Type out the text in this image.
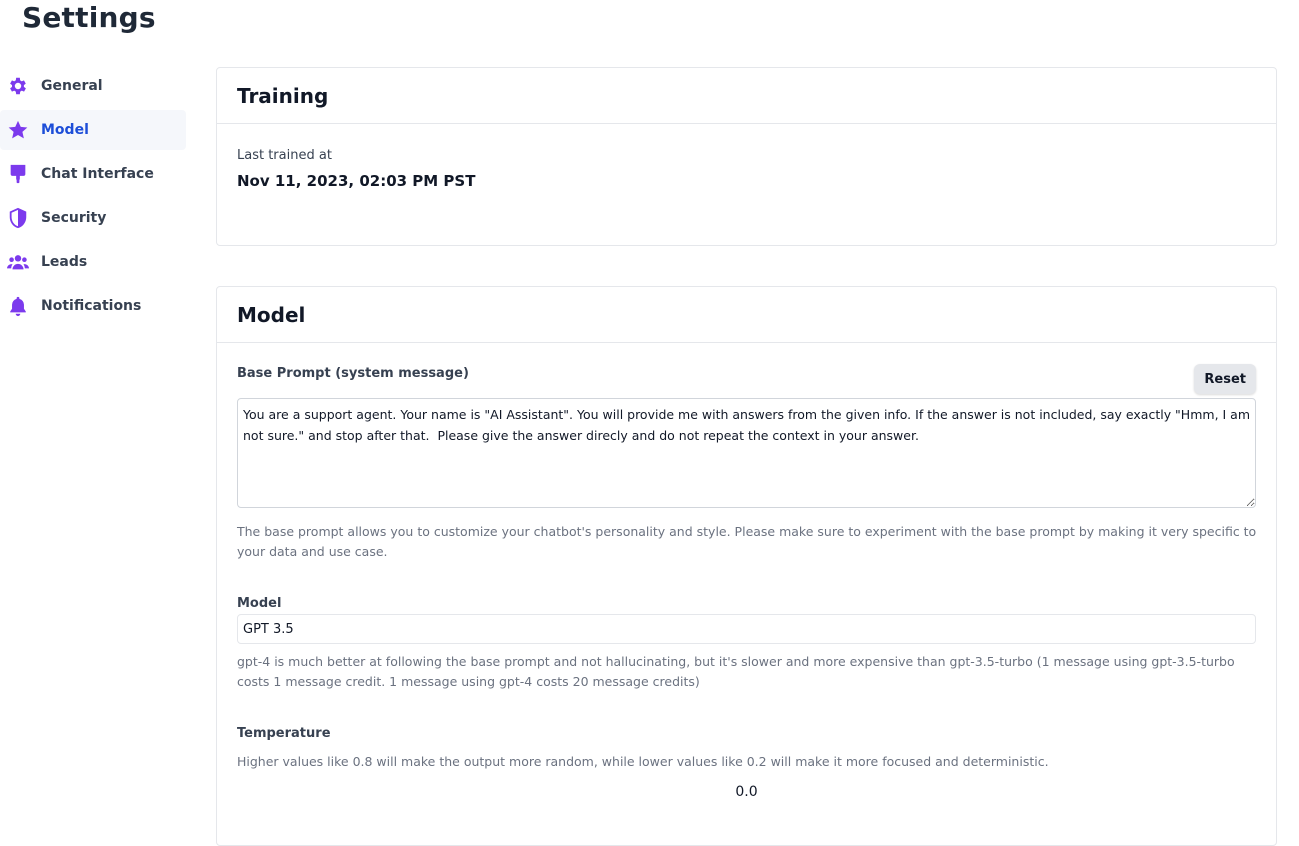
Settings
General
Model
Chat Interface
Security
Leads
Notifications
Training
Last trained at
Nov 11, 2023, 02:03 PM PST
Model
Base Prompt (system message)	Reset
You are a support agent. Your name is "AI Assistant". You will provide me with answers from the given info. If the answer is not included, say exactly "Hmm, I am not sure." and stop after that. Please give the answer direcly and do not repeat the context in your answer.
The base prompt allows you to customize your chatbot's personality and style. Please make sure to experiment with the base prompt by making it very specific to your data and use case.
Model
GPT 3.5
gpt-4 is much better at following the base prompt and not hallucinating, but it's slower and more expensive than gpt-3.5-turbo (1 message using gpt-3.5-turbo costs 1 message credit. 1 message using gpt-4 costs 20 message credits)
Temperature
Higher values like 0.8 will make the output more random, while lower values like 0.2 will make it more focused and deterministic.
0.0
